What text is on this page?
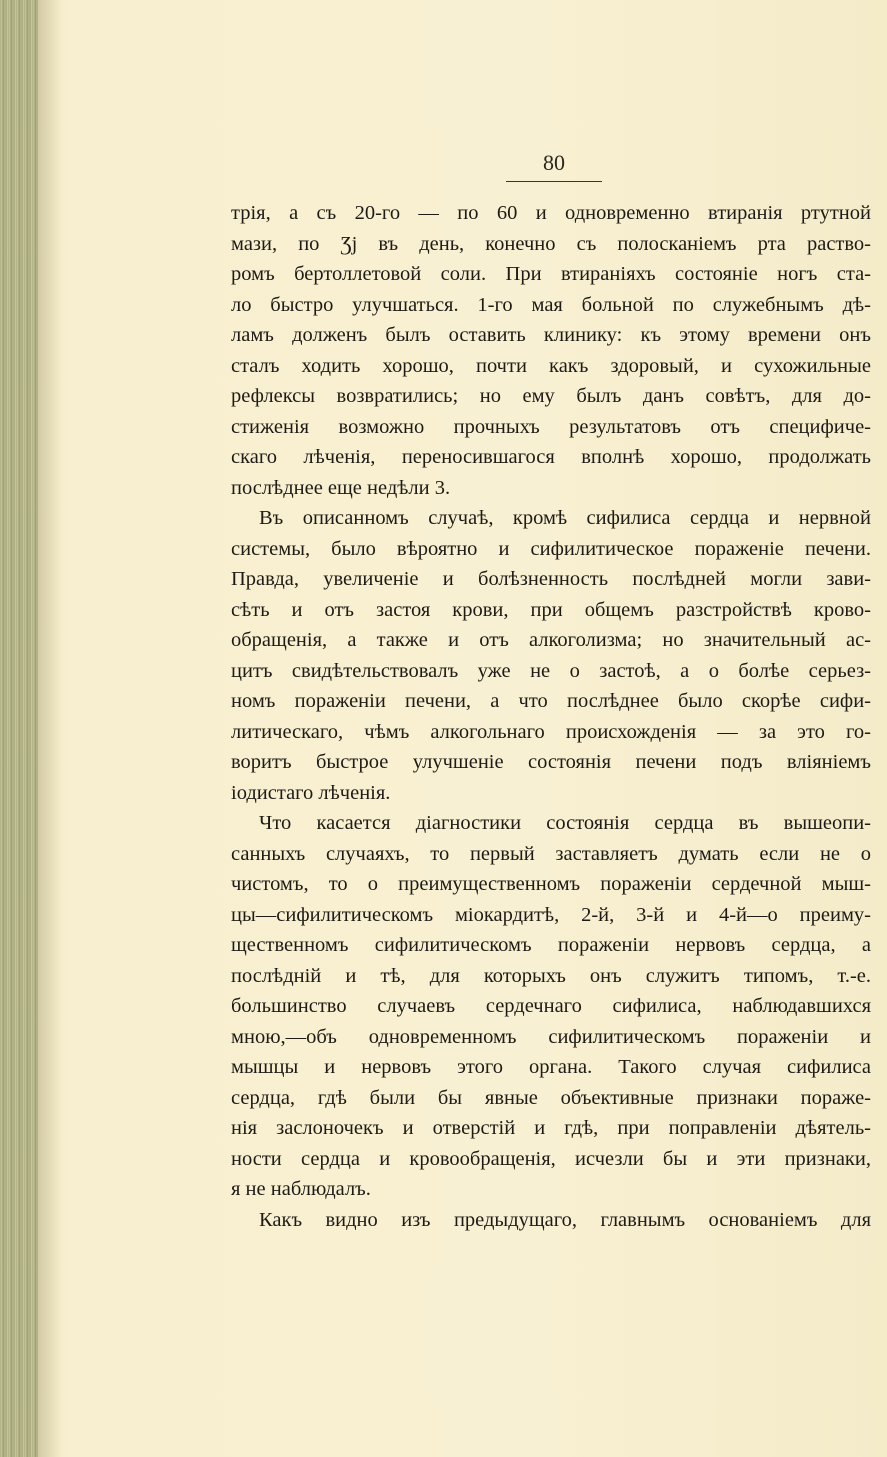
80
трія, а съ 20-го — по 60 и одновременно втиранія ртутной
мази, по Ʒj въ день, конечно съ полосканіемъ рта раство-
ромъ бертоллетовой соли. При втираніяхъ состояніе ногъ ста-
ло быстро улучшаться. 1-го мая больной по служебнымъ дѣ-
ламъ долженъ былъ оставить клинику: къ этому времени онъ
сталъ ходить хорошо, почти какъ здоровый, и сухожильные
рефлексы возвратились; но ему былъ данъ совѣтъ, для до-
стиженія возможно прочныхъ результатовъ отъ специфиче-
скаго лѣченія, переносившагося вполнѣ хорошо, продолжать
послѣднее еще недѣли 3.
Въ описанномъ случаѣ, кромѣ сифилиса сердца и нервной
системы, было вѣроятно и сифилитическое пораженіе печени.
Правда, увеличеніе и болѣзненность послѣдней могли зави-
сѣть и отъ застоя крови, при общемъ разстройствѣ крово-
обращенія, а также и отъ алкоголизма; но значительный ас-
цитъ свидѣтельствовалъ уже не о застоѣ, а о болѣе серьез-
номъ пораженіи печени, а что послѣднее было скорѣе сифи-
литическаго, чѣмъ алкогольнаго происхожденія — за это го-
воритъ быстрое улучшеніе состоянія печени подъ вліяніемъ
іодистаго лѣченія.
Что касается діагностики состоянія сердца въ вышеопи-
санныхъ случаяхъ, то первый заставляетъ думать если не о
чистомъ, то о преимущественномъ пораженіи сердечной мыш-
цы—сифилитическомъ міокардитѣ, 2-й, 3-й и 4-й—о преиму-
щественномъ сифилитическомъ пораженіи нервовъ сердца, а
послѣдній и тѣ, для которыхъ онъ служитъ типомъ, т.-е.
большинство случаевъ сердечнаго сифилиса, наблюдавшихся
мною,—объ одновременномъ сифилитическомъ пораженіи и
мышцы и нервовъ этого органа. Такого случая сифилиса
сердца, гдѣ были бы явные объективные признаки пораже-
нія заслоночекъ и отверстій и гдѣ, при поправленіи дѣятель-
ности сердца и кровообращенія, исчезли бы и эти признаки,
я не наблюдалъ.
Какъ видно изъ предыдущаго, главнымъ основаніемъ для
